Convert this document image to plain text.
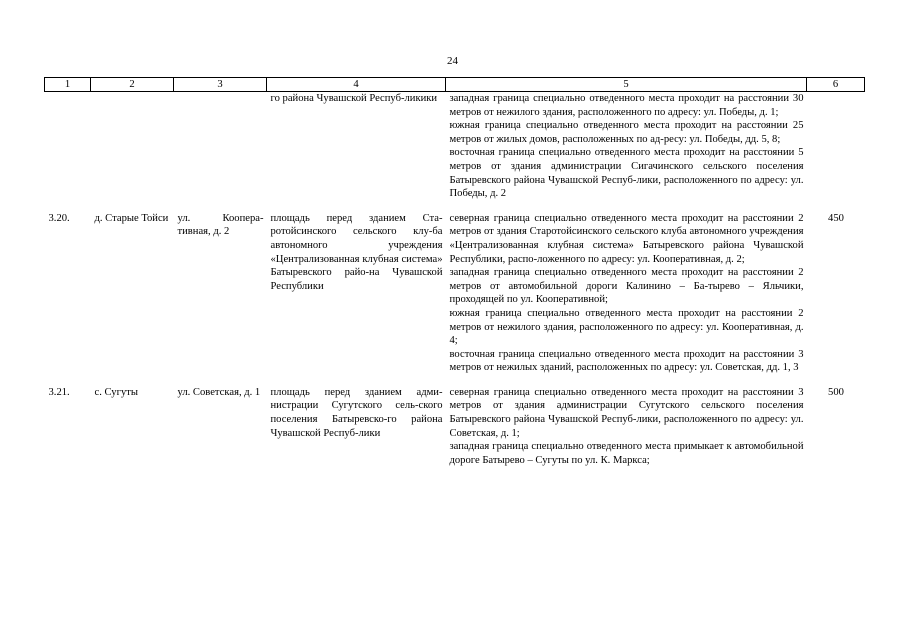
24
1	2	3	4	5	6
			го района Чувашской Респуб-ликики	западная граница специально отведенного места проходит на расстоянии 30 метров от нежилого здания, расположенного по адресу: ул. Победы, д. 1;
южная граница специально отведенного места проходит на расстоянии 25 метров от жилых домов, расположенных по ад-ресу: ул. Победы, дд. 5, 8;
восточная граница специально отведенного места проходит на расстоянии 5 метров от здания администрации Сигачинского сельского поселения Батыревского района Чувашской Респуб-лики, расположенного по адресу: ул. Победы, д. 2	

3.20.	д. Старые Тойси	ул. Коопера-тивная, д. 2	площадь перед зданием Ста-ротойсинского сельского клу-ба автономного учреждения «Централизованная клубная система» Батыревского райо-на Чувашской Республики	северная граница специально отведенного места проходит на расстоянии 2 метров от здания Старотойсинского сельского клуба автономного учреждения «Централизованная клубная система» Батыревского района Чувашской Республики, распо-ложенного по адресу: ул. Кооперативная, д. 2;
западная граница специально отведенного места проходит на расстоянии 2 метров от автомобильной дороги Калинино – Ба-тырево – Яльчики, проходящей по ул. Кооперативной;
южная граница специально отведенного места проходит на расстоянии 2 метров от нежилого здания, расположенного по адресу: ул. Кооперативная, д. 4;
восточная граница специально отведенного места проходит на расстоянии 3 метров от нежилых зданий, расположенных по адресу: ул. Советская, дд. 1, 3	450

3.21.	с. Сугуты	ул. Советская, д. 1	площадь перед зданием адми-нистрации Сугутского сель-ского поселения Батыревско-го района Чувашской Респуб-лики	северная граница специально отведенного места проходит на расстоянии 3 метров от здания администрации Сугутского сельского поселения Батыревского района Чувашской Респуб-лики, расположенного по адресу: ул. Советская, д. 1;
западная граница специально отведенного места примыкает к автомобильной дороге Батырево – Сугуты по ул. К. Маркса;	500
